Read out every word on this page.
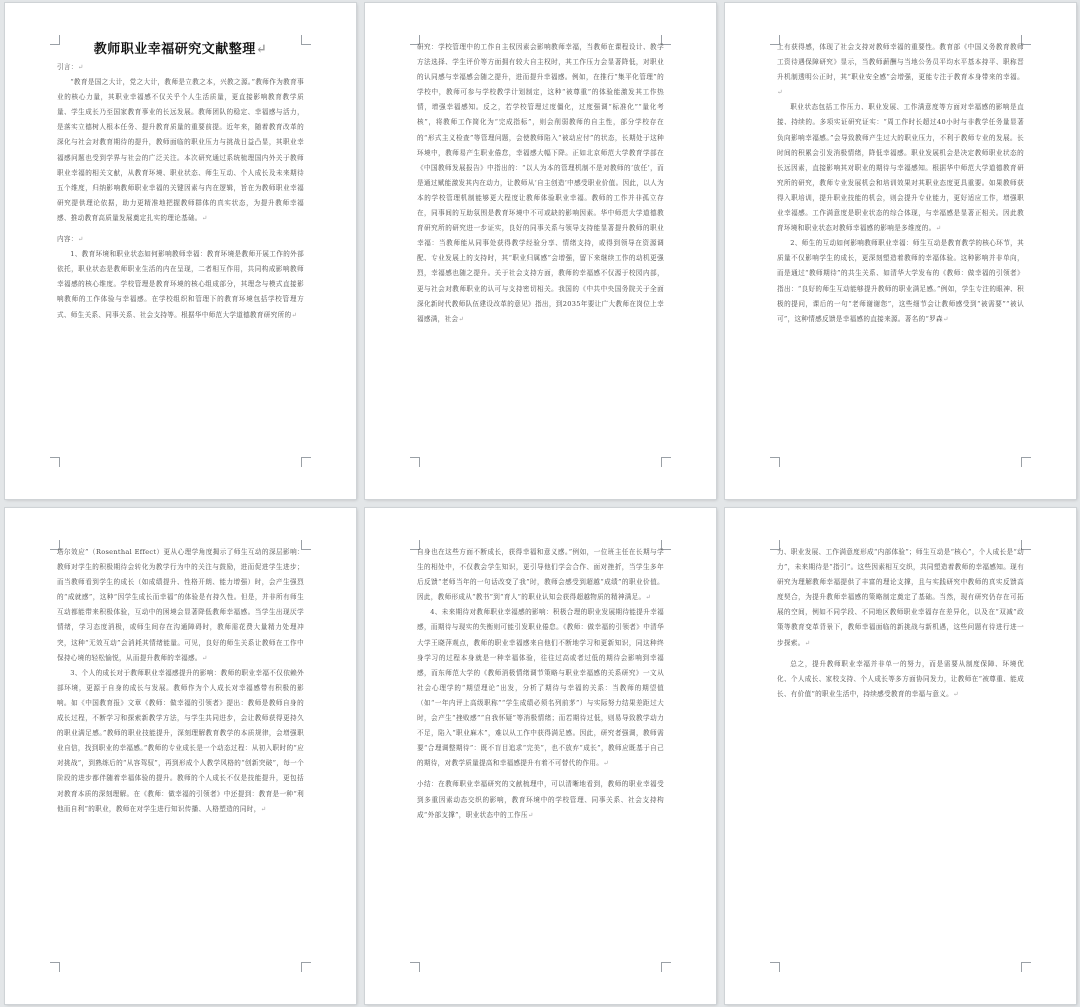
教师职业幸福研究文献整理↵

引言：↵

“教育是国之大计，党之大计，教师是立教之本，兴教之源。”教师作为教育事业的核心力量，其职业幸福感不仅关乎个人生活质量，更直接影响教育教学质量、学生成长乃至国家教育事业的长远发展。教师团队的稳定、幸福感与活力，是落实立德树人根本任务、提升教育质量的重要前提。近年来，随着教育改革的深化与社会对教育期待的提升，教师面临的职业压力与挑战日益凸显，其职业幸福感问题也受到学界与社会的广泛关注。本次研究通过系统梳理国内外关于教师职业幸福的相关文献，从教育环境、职业状态、师生互动、个人成长及未来期待五个维度，归纳影响教师职业幸福的关键因素与内在逻辑，旨在为教师职业幸福研究提供理论依据，助力更精准地把握教师群体的真实状态，为提升教师幸福感、推动教育高质量发展奠定扎实的理论基础。↵

内容：↵

1、教育环境和职业状态如何影响教师幸福：教育环境是教师开展工作的外部依托，职业状态是教师职业生活的内在呈现，二者相互作用，共同构成影响教师幸福感的核心维度。学校管理是教育环境的核心组成部分，其理念与模式直接影响教师的工作体验与幸福感。在学校组织和管理下的教育环境包括学校管理方式、师生关系、同事关系、社会支持等。根据华中师范大学道德教育研究所的↵

研究：学校管理中的工作自主权因素会影响教师幸福，当教师在课程设计、教学方法选择、学生评价等方面拥有较大自主权时，其工作压力会显著降低，对职业的认同感与幸福感会随之提升，进而提升幸福感。例如，在推行“集平化管理”的学校中，教师可参与学校教学计划制定，这种“被尊重”的体验能激发其工作热情，增强幸福感知。反之，若学校管理过度僵化，过度强调“标准化”“量化考核”，将教师工作简化为“完成指标”，则会削弱教师的自主性，部分学校存在的“形式主义检查”等管理问题，会使教师陷入“被动应付”的状态，长期处于这种环境中，教师易产生职业倦怠，幸福感大幅下降。正如北京师范大学教育学部在《中国教师发展报告》中指出的：“以人为本的管理机制不是对教师的‘放任’，而是通过赋能激发其内在动力，让教师从‘自主创造’中感受职业价值。因此，以人为本的学校管理机制能够更大程度让教师体验职业幸福。教师的工作并非孤立存在，同事间的互助氛围是教育环境中不可或缺的影响因素。华中师范大学道德教育研究所的研究进一步证实，良好的同事关系与领导支持能显著提升教师的职业幸福：当教师能从同事处获得教学经验分享、情绪支持，或得到领导在资源调配、专业发展上的支持时，其“职业归属感”会增强，留下来继续工作的动机更强烈，幸福感也随之提升。关于社会支持方面，教师的幸福感不仅源于校园内部，更与社会对教师职业的认可与支持密切相关。我国的《中共中央国务院关于全面深化新时代教师队伍建设改革的意见》指出，到2035年要让广大教师在岗位上幸福感满，社会↵

上有获得感，体现了社会支持对教师幸福的重要性。教育部《中国义务教育教师工资待遇保障研究》显示，当教师薪酬与当地公务员平均水平基本持平、职称晋升机制透明公正时，其“职业安全感”会增强，更能专注于教育本身带来的幸福。↵

职业状态包括工作压力、职业发展、工作满意度等方面对幸福感的影响是直接、持续的。多项实证研究证实：“周工作时长超过40小时与非教学任务量显著负向影响幸福感。”会导致教师产生过大的职业压力，不利于教师专业的发展。长时间的积累会引发消极情绪，降低幸福感。职业发展机会是决定教师职业状态的长远因素，直接影响其对职业的期待与幸福感知。根据华中师范大学道德教育研究所的研究，教师专业发展机会和培训效果对其职业态度更具重要。如果教师获得入职培训，提升职业技能的机会，则会提升专业能力，更好适应工作，增强职业幸福感。工作满意度是职业状态的综合体现，与幸福感是显著正相关。因此教育环境和职业状态对教师幸福感的影响是多维度的。↵

2、师生的互动如何影响教师职业幸福：师生互动是教育教学的核心环节，其质量不仅影响学生的成长，更深刻塑造着教师的幸福体验。这种影响并非单向，而是通过“教师期待”的共生关系、如清华大学发布的《教师：做幸福的引领者》指出：“良好的师生互动能够提升教师的职业满足感。”例如，学生专注的眼神、积极的提问，课后的一句“老师谢谢您”，这些细节会让教师感受到“被需要”“被认可”，这种情感反馈是幸福感的直接来源。著名的“罗森↵

塔尔效应”（Rosenthal Effect）更从心理学角度揭示了师生互动的深层影响：教师对学生的积极期待会转化为教学行为中的关注与鼓励，进而促进学生进步；而当教师看到学生的成长（如成绩提升、性格开朗、能力增强）时，会产生强烈的“成就感”，这种“因学生成长而幸福”的体验是有持久性。但是，并非所有师生互动都能带来积极体验，互动中的困境会显著降低教师幸福感。当学生出现厌学情绪，学习态度消极，或师生间存在沟通障碍时，教师需花费大量精力处理冲突，这种“无效互动”会消耗其情绪能量。可见，良好的师生关系让教师在工作中保持心境的轻松愉悦，从而提升教师的幸福感。↵

3、个人的成长对于教师职业幸福感提升的影响：教师的职业幸福不仅依赖外部环境，更源于自身的成长与发展。教师作为个人成长对幸福感带有积极的影响。如《中国教育报》文章《教师：做幸福的引领者》提出：教师是教师自身的成长过程，不断学习和探索新教学方法，与学生共同进步，会让教师获得更持久的职业满足感。”教师的职业技能提升，深刻理解教育教学的本质规律，会增强职业自信，找到职业的幸福感。”教师的专业成长是一个动态过程：从初入职时的“应对挑战”，到熟练后的“从容驾驭”，再到形成个人教学风格的“创新突破”，每一个阶段的进步都伴随着幸福体验的提升。教师的个人成长不仅是技能提升，更包括对教育本质的深刻理解。在《教师：做幸福的引领者》中还提到：教育是一种“利他而自利”的职业，教师在对学生进行知识传播、人格塑造的同时，↵

自身也在这些方面不断成长，获得幸福和意义感。”例如，一位班主任在长期与学生的相处中，不仅教会学生知识，更引导他们学会合作、面对挫折，当学生多年后反馈“老师当年的一句话改变了我”时，教师会感受到超越“成绩”的职业价值。因此，教师形成从“教书”到“育人”的职业认知会获得超越物质的精神满足。↵

4、未来期待对教师职业幸福感的影响：积极合理的职业发展期待能提升幸福感，而期待与现实的失衡则可能引发职业倦怠。《教师：做幸福的引领者》中清华大学王晓萍观点，教师的职业幸福感来自他们不断地学习和更新知识，同这种终身学习的过程本身就是一种幸福体验，往往过高或者过低的期待会影响到幸福感，而东师范大学的《教师消极情绪调节策略与职业幸福感的关系研究》一文从社会心理学的“期望理论”出发，分析了期待与幸福的关系：当教师的期望值（如“一年内评上高级职称”“学生成绩必须名列前茅”）与实际努力结果差距过大时，会产生“挫败感”“自我怀疑”等消极情绪；而若期待过低，则易导致教学动力不足，陷入“职业麻木”，难以从工作中获得满足感。因此，研究者强调，教师需要“合理调整期待”：既不盲目追求“完美”，也不放弃“成长”，教师应既基于自己的期待，对教学质量提高和幸福感提升有着不可替代的作用。↵

小结：在教师职业幸福研究的文献梳理中，可以清晰地看到，教师的职业幸福受到多重因素动态交织的影响，教育环境中的学校管理、同事关系、社会支持构成“外部支撑”，职业状态中的工作压↵

力、职业发展、工作满意度形成“内部体验”；师生互动是“核心”，个人成长是“动力”，未来期待是“指引”。这些因素相互交织，共同塑造着教师的幸福感知。现有研究为理解教师幸福提供了丰富的理论支撑，且与实践研究中教师的真实反馈高度契合，为提升教师幸福感的策略制定奠定了基础。当然，现有研究仍存在可拓展的空间，例如不同学段、不同地区教师职业幸福存在差异化，以及在“双减”政策等教育变革背景下，教师幸福面临的新挑战与新机遇，这些问题有待进行进一步探索。↵

总之，提升教师职业幸福并非单一的努力，而是需要从制度保障、环境优化、个人成长、家校支持、个人成长等多方面协同发力，让教师在“被尊重、能成长、有价值”的职业生活中，持续感受教育的幸福与意义。↵
